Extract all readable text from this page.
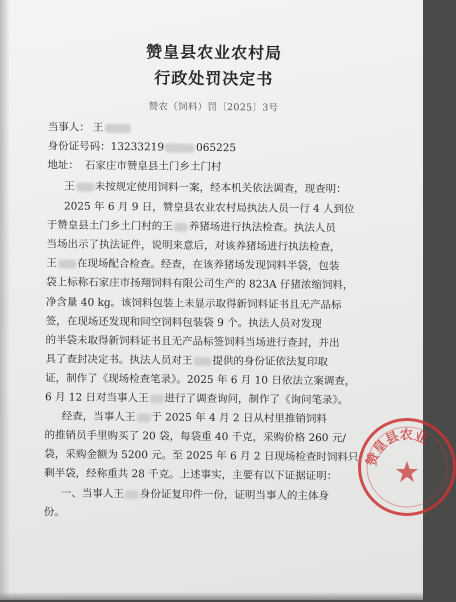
赞皇县农业农村局
行政处罚决定书
赞农（饲料）罚〔2025〕3号
当事人： 王
身份证号码：13233219	065225
地址： 石家庄市赞皇县土门乡土门村
王 未按规定使用饲料一案，经本机关依法调查，现查明：
2025 年 6 月 9 日，赞皇县农业农村局执法人员一行 4 人到位
于赞皇县土门乡土门村的王 养猪场进行执法检查。执法人员
当场出示了执法证件，说明来意后，对该养猪场进行执法检查，
王 在现场配合检查。经查，在该养猪场发现饲料半袋，包装
袋上标称石家庄市扬翔饲料有限公司生产的 823A 仔猪浓缩饲料，
净含量 40 kg。该饲料包装上未显示取得新饲料证书且无产品标
签，在现场还发现和同空饲料包装袋 9 个。执法人员对发现
的半袋未取得新饲料证书且无产品标签饲料当场进行查封，并出
具了查封决定书。执法人员对王 提供的身份证依法复印取
证，制作了《现场检查笔录》。2025 年 6 月 10 日依法立案调查，
6 月 12 日对当事人王 进行了调查询问，制作了《询问笔录》。
经查，当事人王 于 2025 年 4 月 2 日从村里推销饲料
的推销员手里购买了 20 袋，每袋重 40 千克，采购价格 260 元/
袋，采购金额为 5200 元。至 2025 年 6 月 2 日现场检查时饲料只
剩半袋，经称重共 28 千克。上述事实，主要有以下证据证明：
一、当事人王 身份证复印件一份，证明当事人的主体身
份。
赞皇县农业
